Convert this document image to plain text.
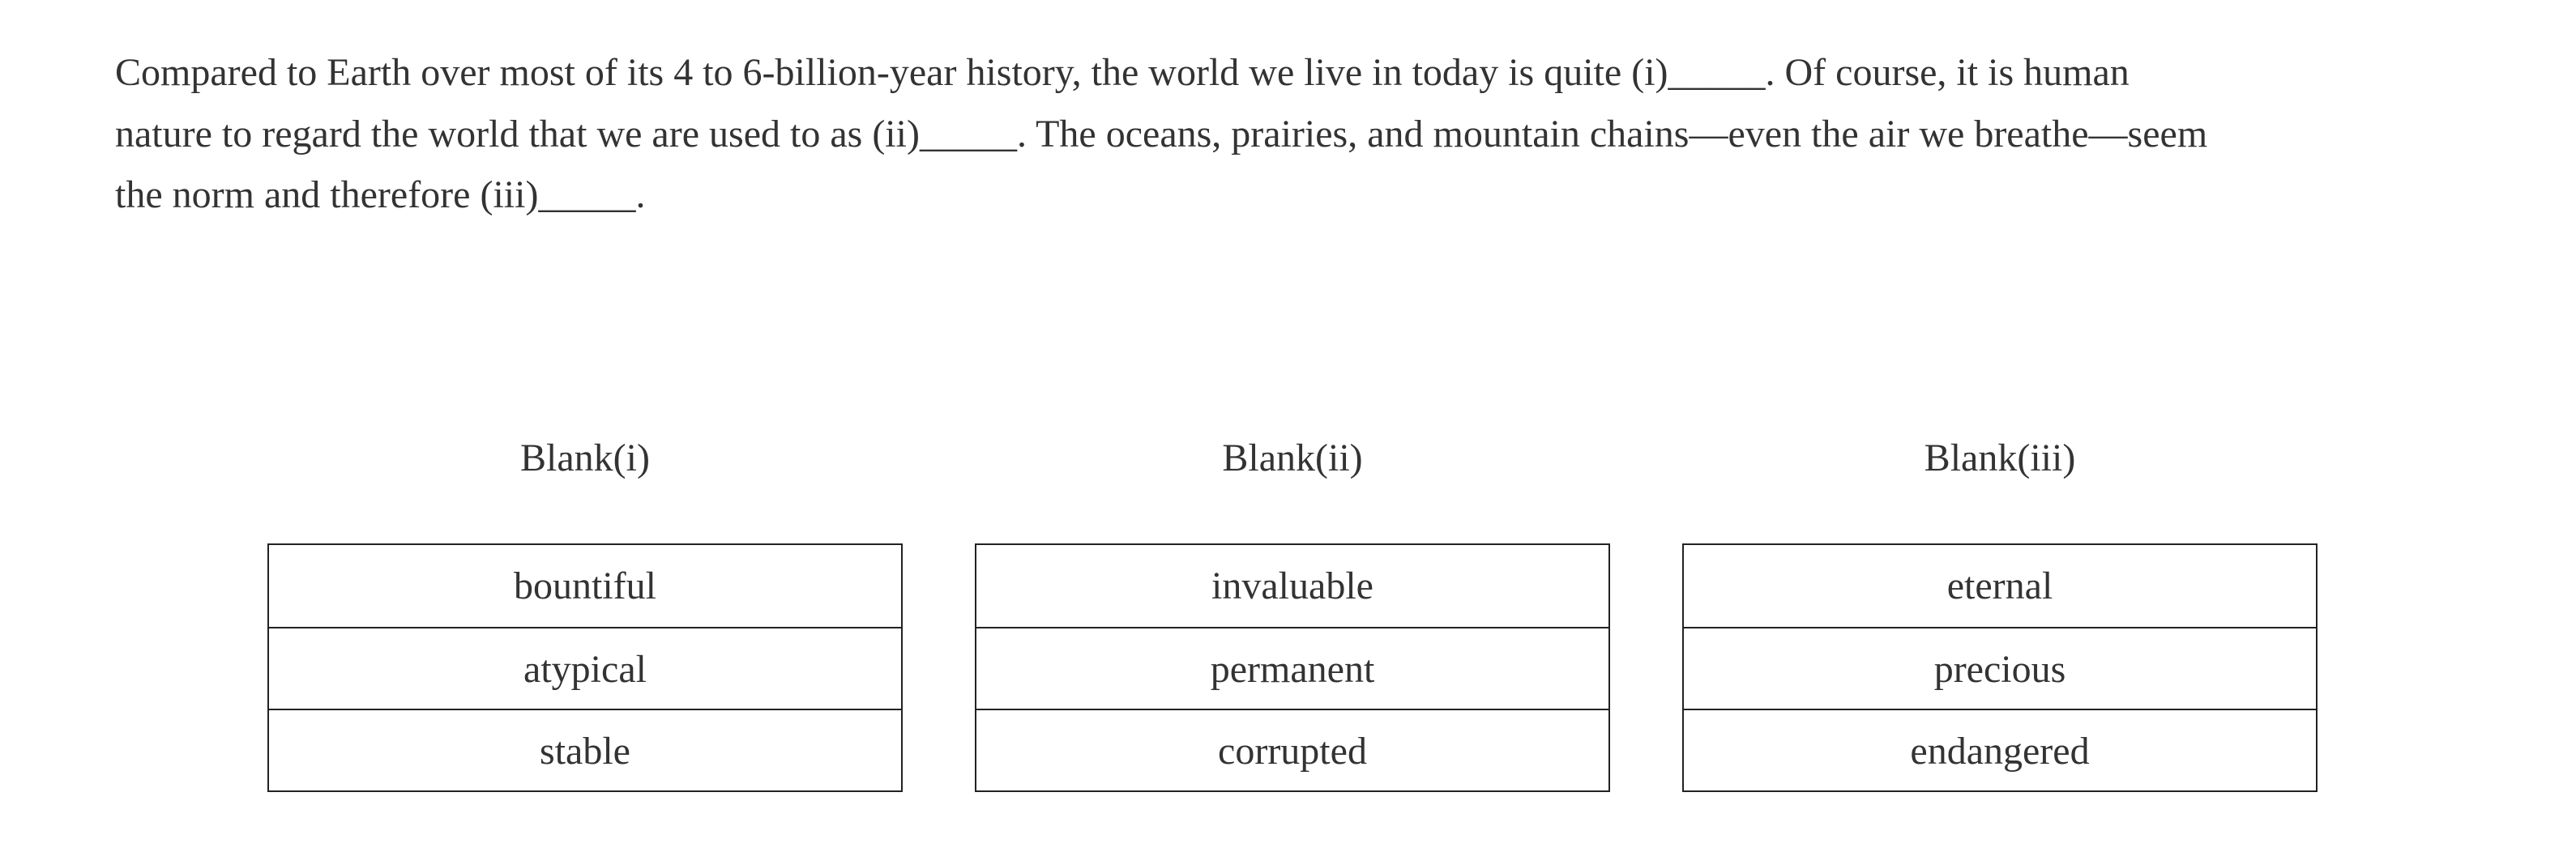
Compared to Earth over most of its 4 to 6-billion-year history, the world we live in today is quite (i)_____. Of course, it is human
nature to regard the world that we are used to as (ii)_____. The oceans, prairies, and mountain chains—even the air we breathe—seem
the norm and therefore (iii)_____.

Blank(i)
bountiful
atypical
stable
Blank(ii)
invaluable
permanent
corrupted
Blank(iii)
eternal
precious
endangered
